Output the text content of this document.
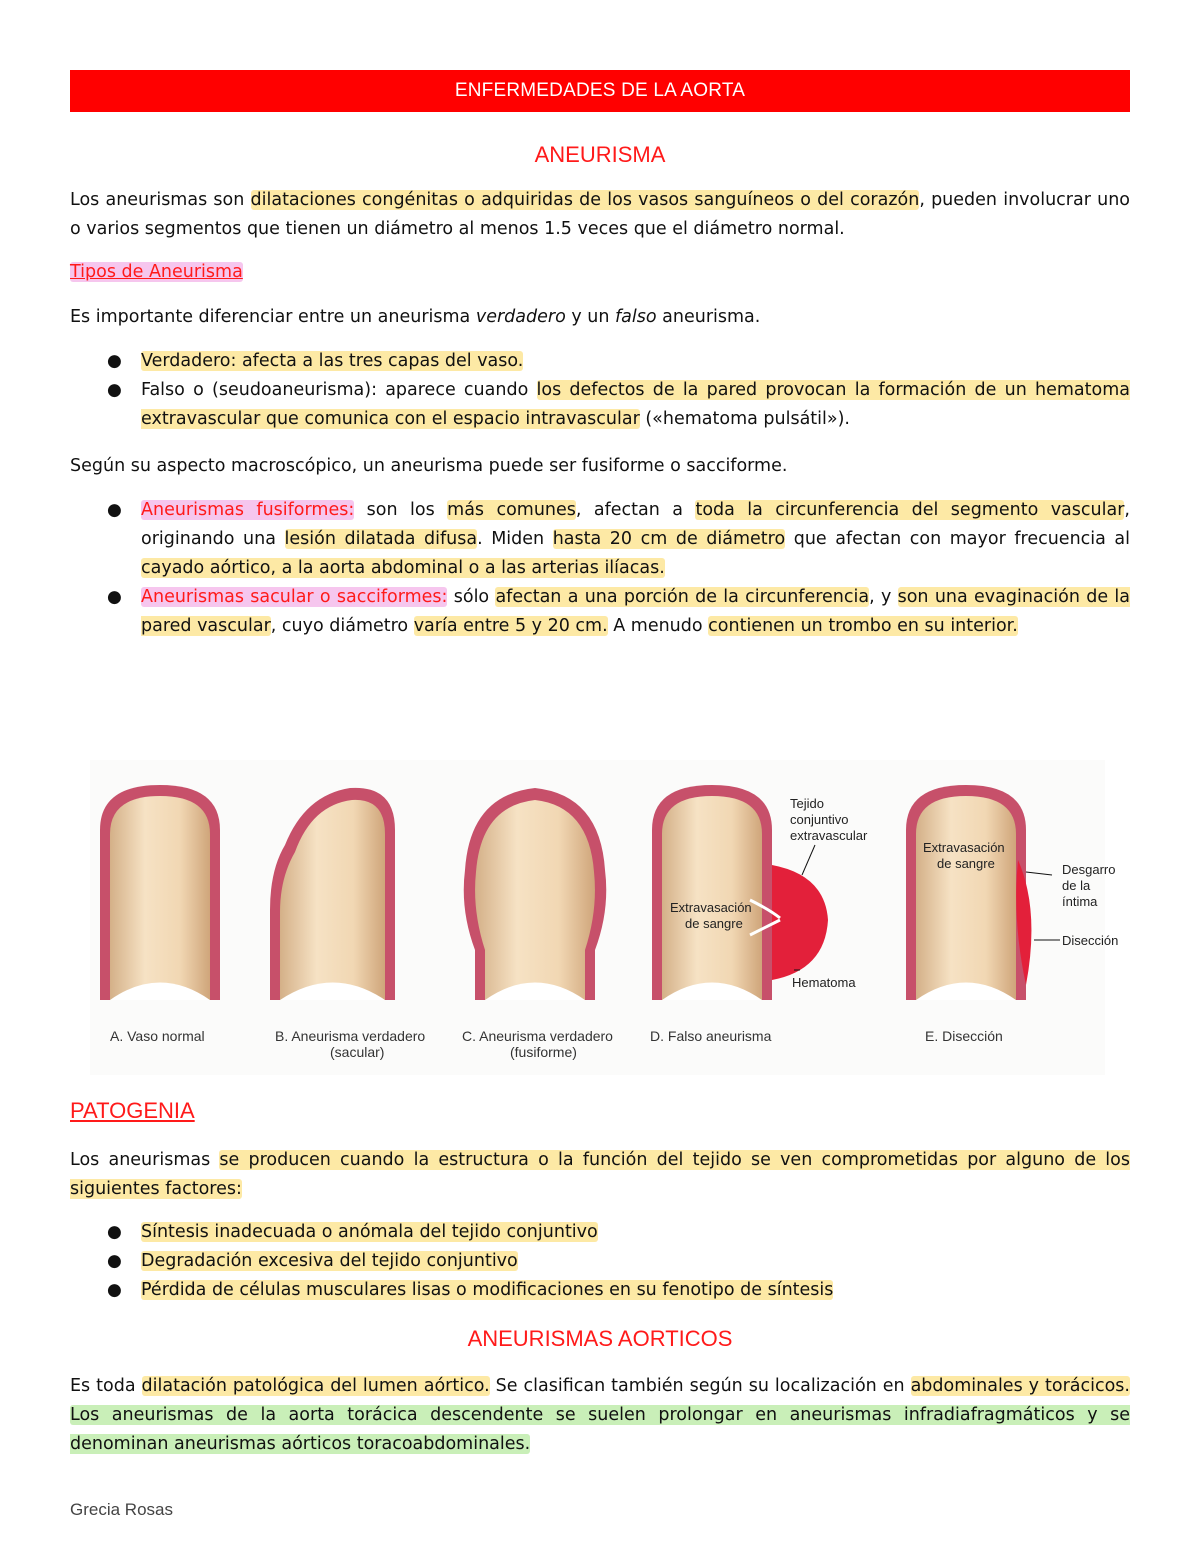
ENFERMEDADES DE LA AORTA
ANEURISMA
Los aneurismas son dilataciones congénitas o adquiridas de los vasos sanguíneos o del corazón, pueden involucrar uno o varios segmentos que tienen un diámetro al menos 1.5 veces que el diámetro normal.
Tipos de Aneurisma
Es importante diferenciar entre un aneurisma verdadero y un falso aneurisma.
● Verdadero: afecta a las tres capas del vaso.
● Falso o (seudoaneurisma): aparece cuando los defectos de la pared provocan la formación de un hematoma extravascular que comunica con el espacio intravascular («hematoma pulsátil»).
Según su aspecto macroscópico, un aneurisma puede ser fusiforme o sacciforme.
● Aneurismas fusiformes: son los más comunes, afectan a toda la circunferencia del segmento vascular, originando una lesión dilatada difusa. Miden hasta 20 cm de diámetro que afectan con mayor frecuencia al cayado aórtico, a la aorta abdominal o a las arterias ilíacas.
● Aneurismas sacular o sacciformes: sólo afectan a una porción de la circunferencia, y son una evaginación de la pared vascular, cuyo diámetro varía entre 5 y 20 cm. A menudo contienen un trombo en su interior.
Tejido
conjuntivo
extravascular
Extravasación
de sangre
Hematoma
Extravasación
de sangre	Desgarro
de la
íntima
Disección
A. Vaso normal	B. Aneurisma verdadero
(sacular)
C. Aneurisma verdadero
(fusiforme)
D. Falso aneurisma	E. Disección
PATOGENIA
Los aneurismas se producen cuando la estructura o la función del tejido se ven comprometidas por alguno de los siguientes factores:
● Síntesis inadecuada o anómala del tejido conjuntivo
● Degradación excesiva del tejido conjuntivo
● Pérdida de células musculares lisas o modificaciones en su fenotipo de síntesis
ANEURISMAS AORTICOS
Es toda dilatación patológica del lumen aórtico. Se clasifican también según su localización en abdominales y torácicos. Los aneurismas de la aorta torácica descendente se suelen prolongar en aneurismas infradiafragmáticos y se denominan aneurismas aórticos toracoabdominales.
Grecia Rosas
